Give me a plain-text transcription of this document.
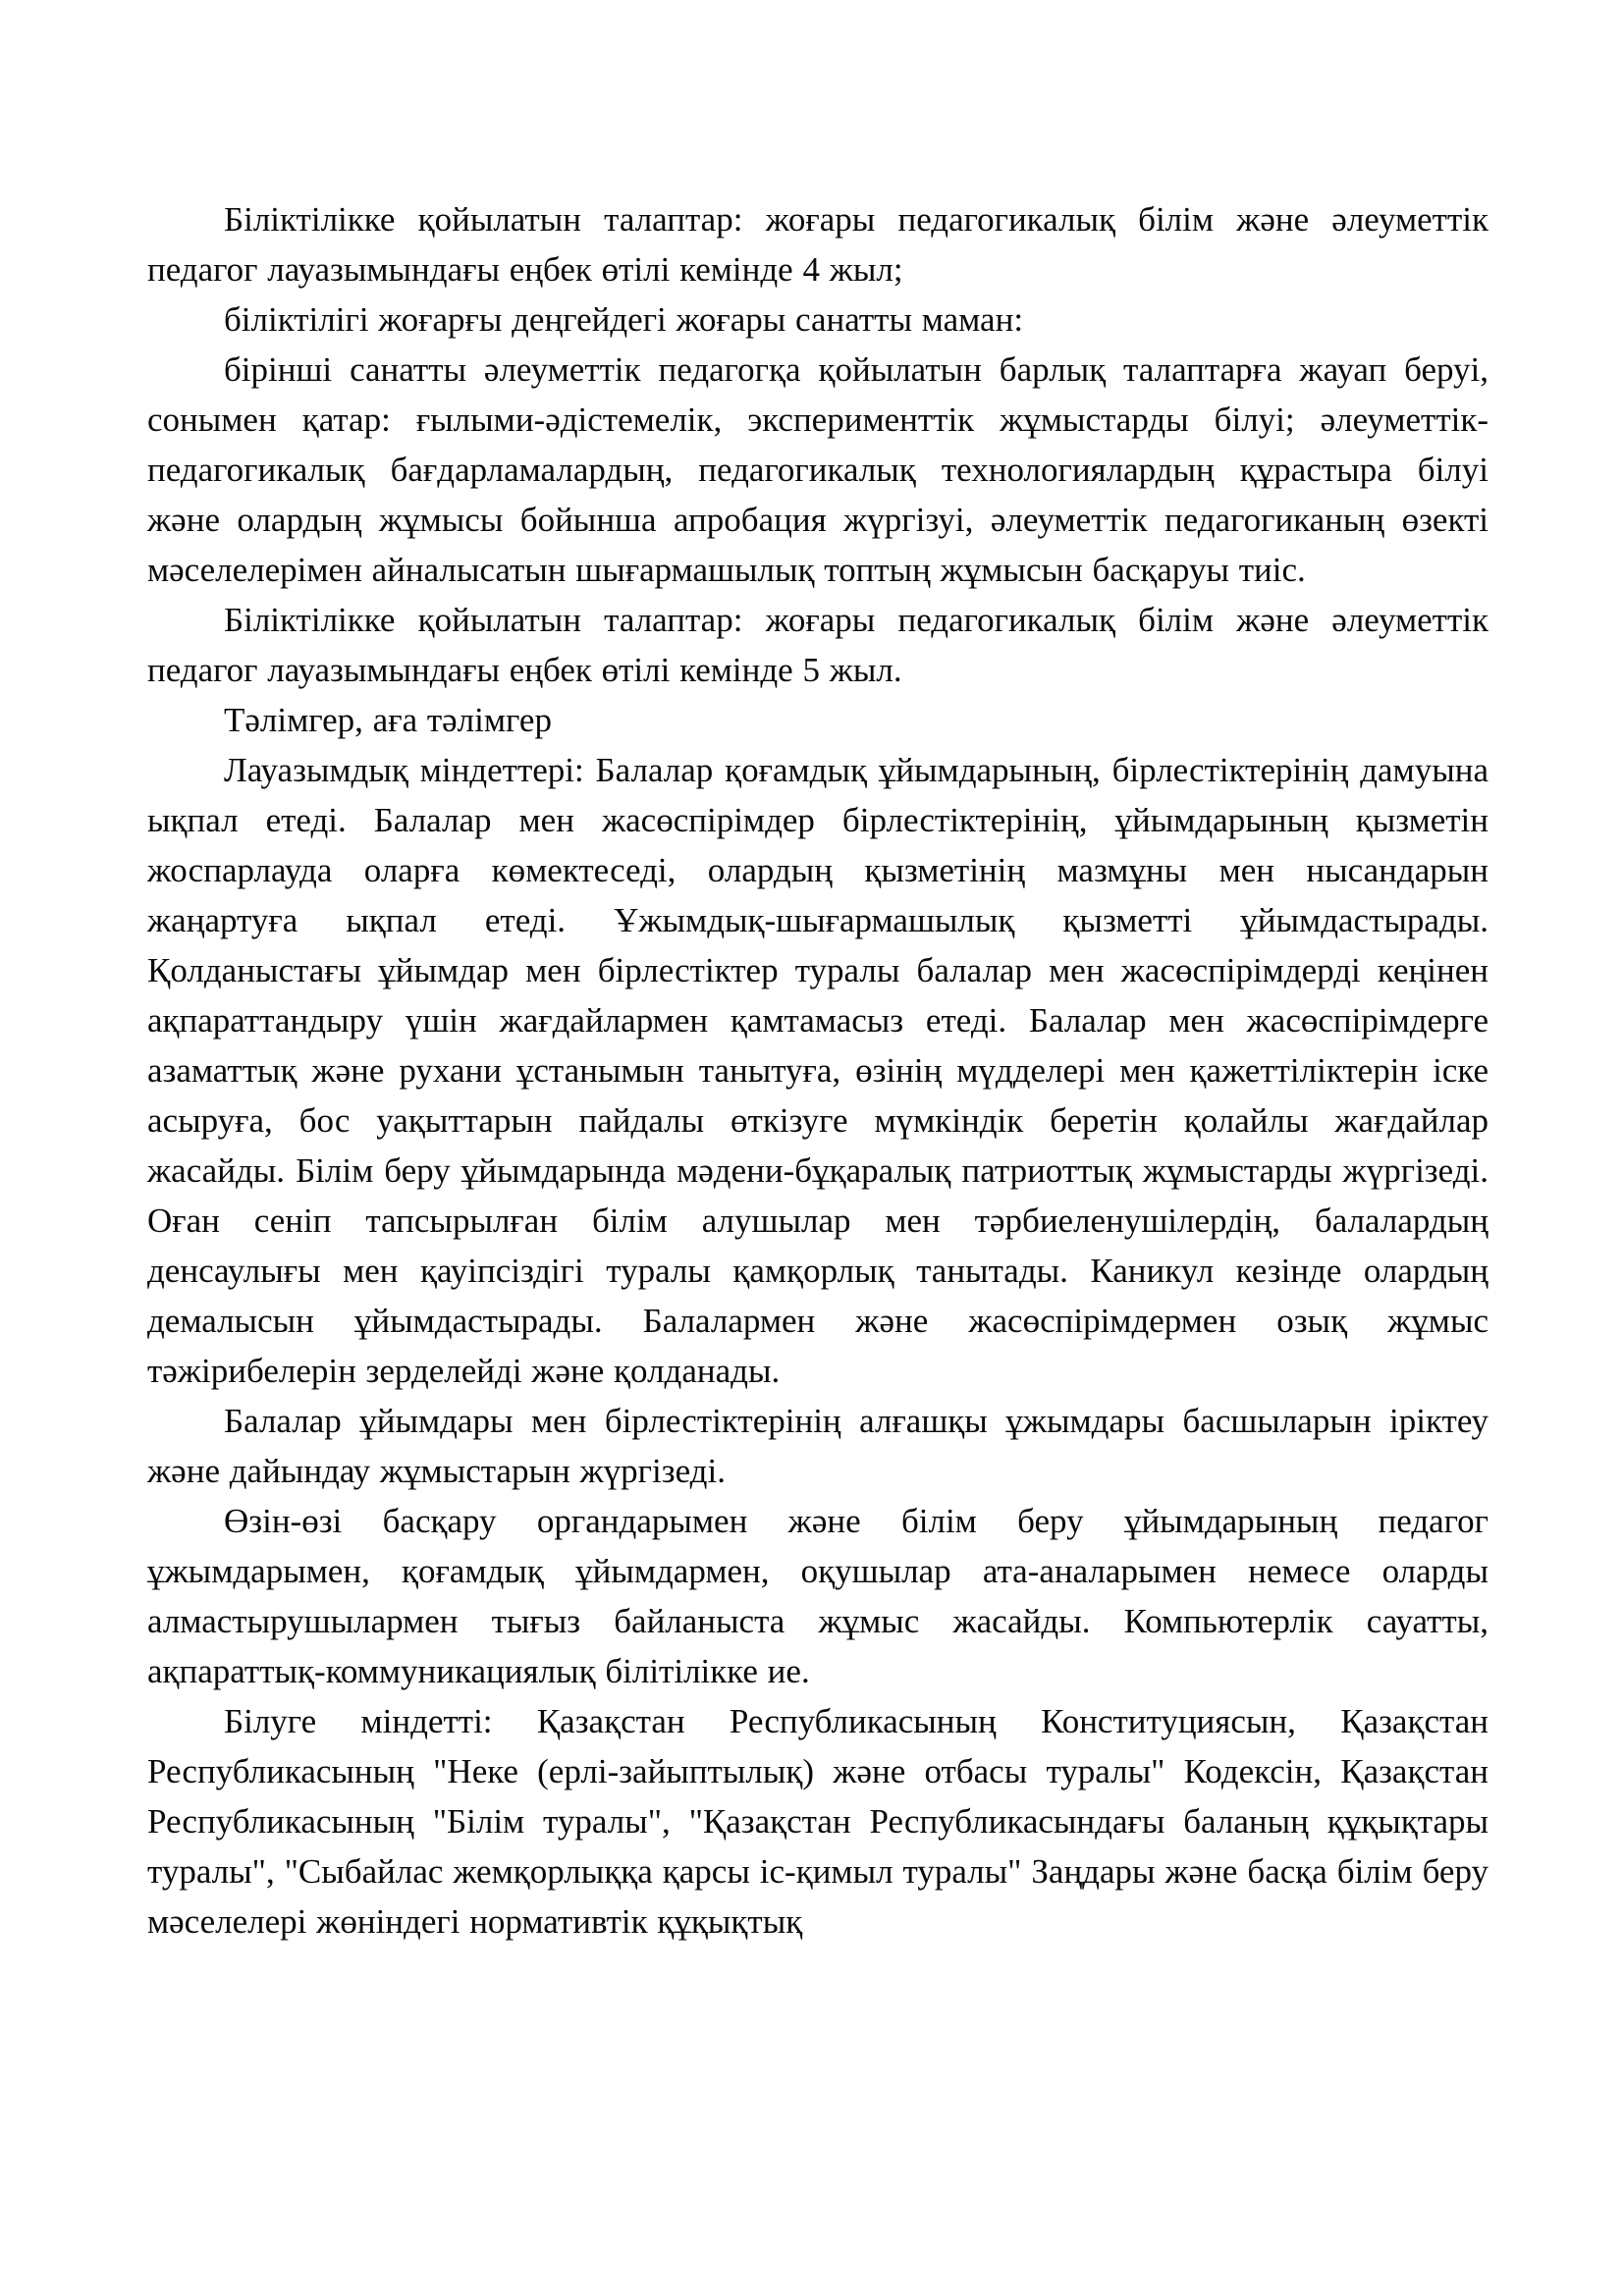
Біліктілікке қойылатын талаптар: жоғары педагогикалық білім және әлеуметтік педагог лауазымындағы еңбек өтілі кемінде 4 жыл;

біліктілігі жоғарғы деңгейдегі жоғары санатты маман:

бірінші санатты әлеуметтік педагогқа қойылатын барлық талаптарға жауап беруі, сонымен қатар: ғылыми-әдістемелік, эксперименттік жұмыстарды білуі; әлеуметтік-педагогикалық бағдарламалардың, педагогикалық технологиялардың құрастыра білуі және олардың жұмысы бойынша апробация жүргізуі, әлеуметтік педагогиканың өзекті мәселелерімен айналысатын шығармашылық топтың жұмысын басқаруы тиіс.

Біліктілікке қойылатын талаптар: жоғары педагогикалық білім және әлеуметтік педагог лауазымындағы еңбек өтілі кемінде 5 жыл.

Тәлімгер, аға тәлімгер

Лауазымдық міндеттері: Балалар қоғамдық ұйымдарының, бірлестіктерінің дамуына ықпал етеді. Балалар мен жасөспірімдер бірлестіктерінің, ұйымдарының қызметін жоспарлауда оларға көмектеседі, олардың қызметінің мазмұны мен нысандарын жаңартуға ықпал етеді. Ұжымдық-шығармашылық қызметті ұйымдастырады. Қолданыстағы ұйымдар мен бірлестіктер туралы балалар мен жасөспірімдерді кеңінен ақпараттандыру үшін жағдайлармен қамтамасыз етеді. Балалар мен жасөспірімдерге азаматтық және рухани ұстанымын танытуға, өзінің мүдделері мен қажеттіліктерін іске асыруға, бос уақыттарын пайдалы өткізуге мүмкіндік беретін қолайлы жағдайлар жасайды. Білім беру ұйымдарында мәдени-бұқаралық патриоттық жұмыстарды жүргізеді. Оған сеніп тапсырылған білім алушылар мен тәрбиеленушілердің, балалардың денсаулығы мен қауіпсіздігі туралы қамқорлық танытады. Каникул кезінде олардың демалысын ұйымдастырады. Балалармен және жасөспірімдермен озық жұмыс тәжірибелерін зерделейді және қолданады.

Балалар ұйымдары мен бірлестіктерінің алғашқы ұжымдары басшыларын іріктеу және дайындау жұмыстарын жүргізеді.

Өзін-өзі басқару органдарымен және білім беру ұйымдарының педагог ұжымдарымен, қоғамдық ұйымдармен, оқушылар ата-аналарымен немесе оларды алмастырушылармен тығыз байланыста жұмыс жасайды. Компьютерлік сауатты, ақпараттық-коммуникациялық білітілікке ие.

Білуге міндетті: Қазақстан Республикасының Конституциясын, Қазақстан Республикасының "Неке (ерлі-зайыптылық) және отбасы туралы" Кодексін, Қазақстан Республикасының "Білім туралы", "Қазақстан Республикасындағы баланың құқықтары туралы", "Сыбайлас жемқорлыққа қарсы іс-қимыл туралы" Заңдары және басқа білім беру мәселелері жөніндегі нормативтік құқықтық
